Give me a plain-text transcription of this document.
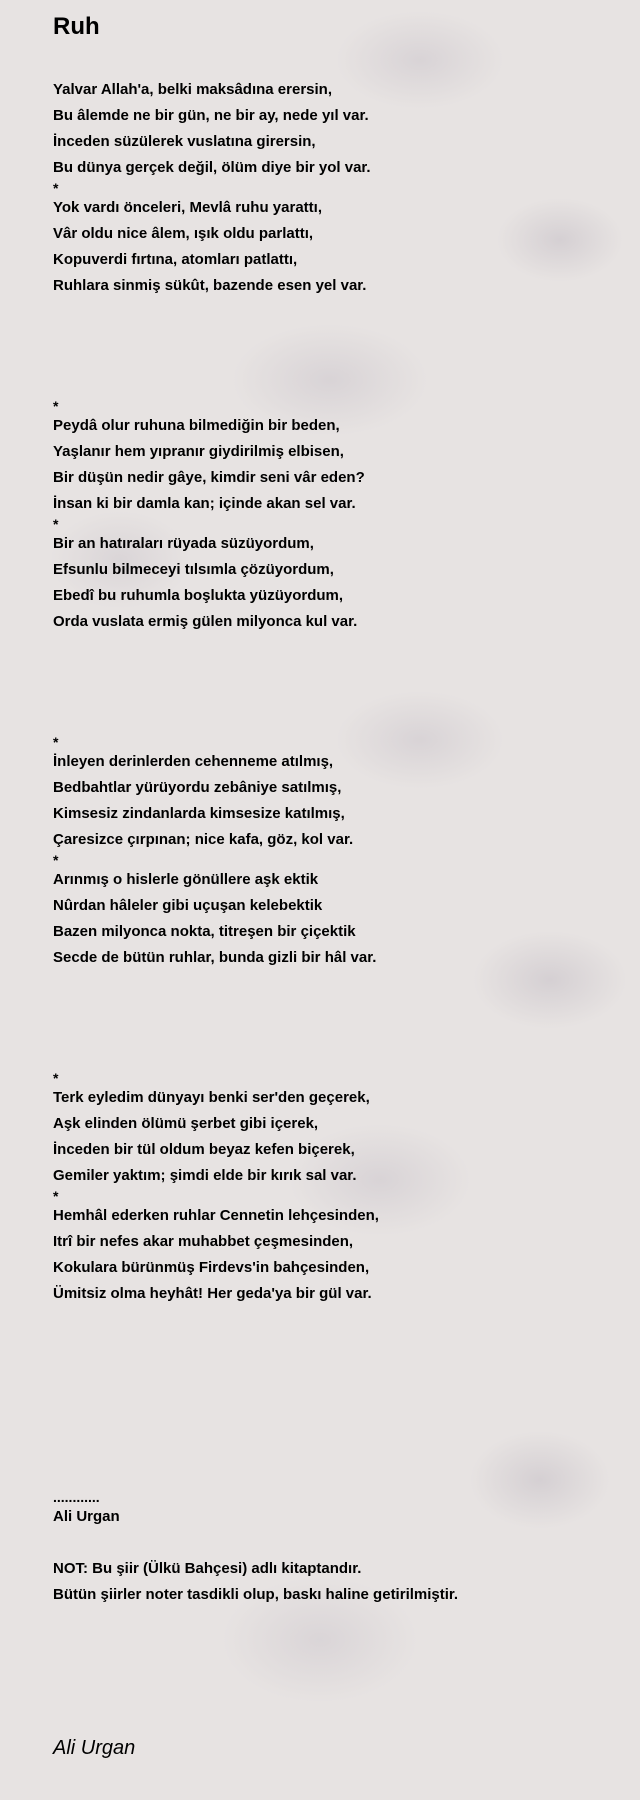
Ruh
Yalvar Allah'a, belki maksâdına erersin,
Bu âlemde ne bir gün, ne bir ay, nede yıl var.
İnceden süzülerek vuslatına girersin,
Bu dünya gerçek değil, ölüm diye bir yol var.
*
Yok vardı önceleri, Mevlâ ruhu yarattı,
Vâr oldu nice âlem, ışık oldu parlattı,
Kopuverdi fırtına, atomları patlattı,
Ruhlara sinmiş sükût, bazende esen yel var.
*
Peydâ olur ruhuna bilmediğin bir beden,
Yaşlanır hem yıpranır giydirilmiş elbisen,
Bir düşün nedir gâye, kimdir seni vâr eden?
İnsan ki bir damla kan; içinde akan sel var.
*
Bir an hatıraları rüyada süzüyordum,
Efsunlu bilmeceyi tılsımla çözüyordum,
Ebedî bu ruhumla boşlukta yüzüyordum,
Orda vuslata ermiş gülen milyonca kul var.
*
İnleyen derinlerden cehenneme atılmış,
Bedbahtlar yürüyordu zebâniye satılmış,
Kimsesiz zindanlarda kimsesize katılmış,
Çaresizce çırpınan; nice kafa, göz, kol var.
*
Arınmış o hislerle gönüllere aşk ektik
Nûrdan hâleler gibi uçuşan kelebektik
Bazen milyonca nokta, titreşen bir çiçektik
Secde de bütün ruhlar, bunda gizli bir hâl var.
*
Terk eyledim dünyayı benki ser'den geçerek,
Aşk elinden ölümü şerbet gibi içerek,
İnceden bir tül oldum beyaz kefen biçerek,
Gemiler yaktım; şimdi elde bir kırık sal var.
*
Hemhâl ederken ruhlar Cennetin lehçesinden,
Itrî bir nefes akar muhabbet çeşmesinden,
Kokulara bürünmüş Firdevs'in bahçesinden,
Ümitsiz olma heyhât! Her geda'ya bir gül var.
............
Ali Urgan
NOT: Bu şiir (Ülkü Bahçesi) adlı kitaptandır.
Bütün şiirler noter tasdikli olup, baskı haline getirilmiştir.
Ali Urgan
